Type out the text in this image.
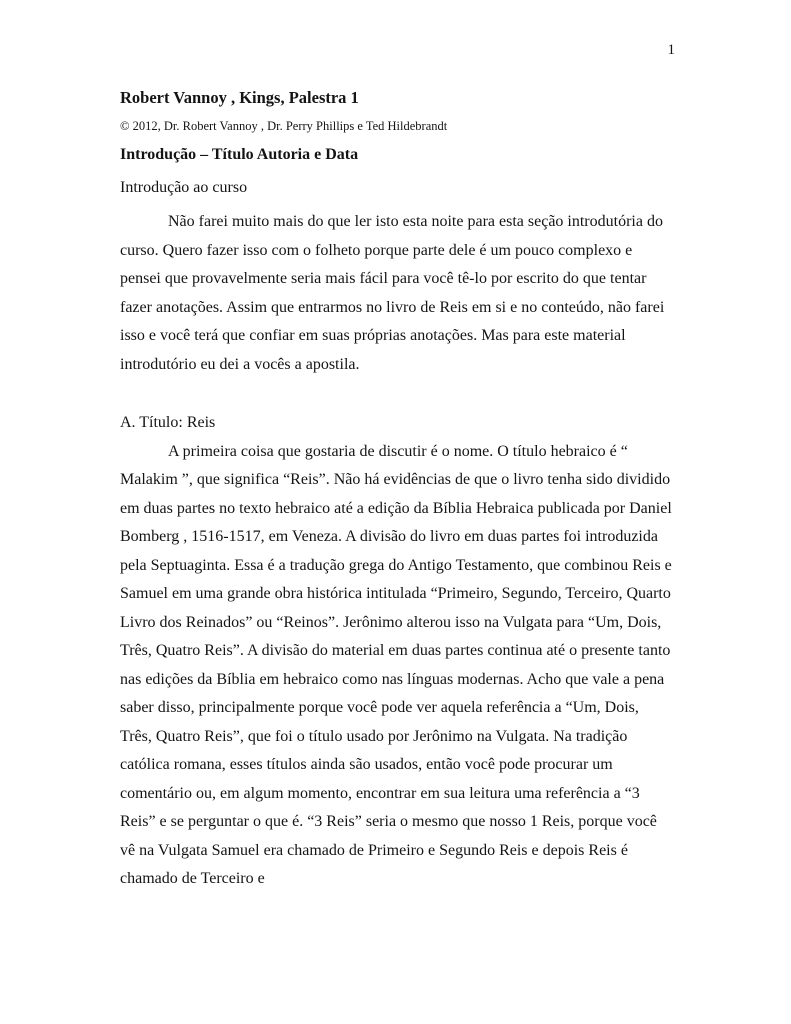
1
Robert Vannoy , Kings, Palestra 1
© 2012, Dr. Robert Vannoy , Dr. Perry Phillips e Ted Hildebrandt
Introdução – Título Autoria e Data
Introdução ao curso

Não farei muito mais do que ler isto esta noite para esta seção introdutória do curso. Quero fazer isso com o folheto porque parte dele é um pouco complexo e pensei que provavelmente seria mais fácil para você tê-lo por escrito do que tentar fazer anotações. Assim que entrarmos no livro de Reis em si e no conteúdo, não farei isso e você terá que confiar em suas próprias anotações. Mas para este material introdutório eu dei a vocês a apostila.

A. Título: Reis

A primeira coisa que gostaria de discutir é o nome. O título hebraico é “ Malakim ”, que significa “Reis”. Não há evidências de que o livro tenha sido dividido em duas partes no texto hebraico até a edição da Bíblia Hebraica publicada por Daniel Bomberg , 1516-1517, em Veneza. A divisão do livro em duas partes foi introduzida pela Septuaginta. Essa é a tradução grega do Antigo Testamento, que combinou Reis e Samuel em uma grande obra histórica intitulada “Primeiro, Segundo, Terceiro, Quarto Livro dos Reinados” ou “Reinos”. Jerônimo alterou isso na Vulgata para “Um, Dois, Três, Quatro Reis”. A divisão do material em duas partes continua até o presente tanto nas edições da Bíblia em hebraico como nas línguas modernas. Acho que vale a pena saber disso, principalmente porque você pode ver aquela referência a “Um, Dois, Três, Quatro Reis”, que foi o título usado por Jerônimo na Vulgata. Na tradição católica romana, esses títulos ainda são usados, então você pode procurar um comentário ou, em algum momento, encontrar em sua leitura uma referência a “3 Reis” e se perguntar o que é. “3 Reis” seria o mesmo que nosso 1 Reis, porque você vê na Vulgata Samuel era chamado de Primeiro e Segundo Reis e depois Reis é chamado de Terceiro e
